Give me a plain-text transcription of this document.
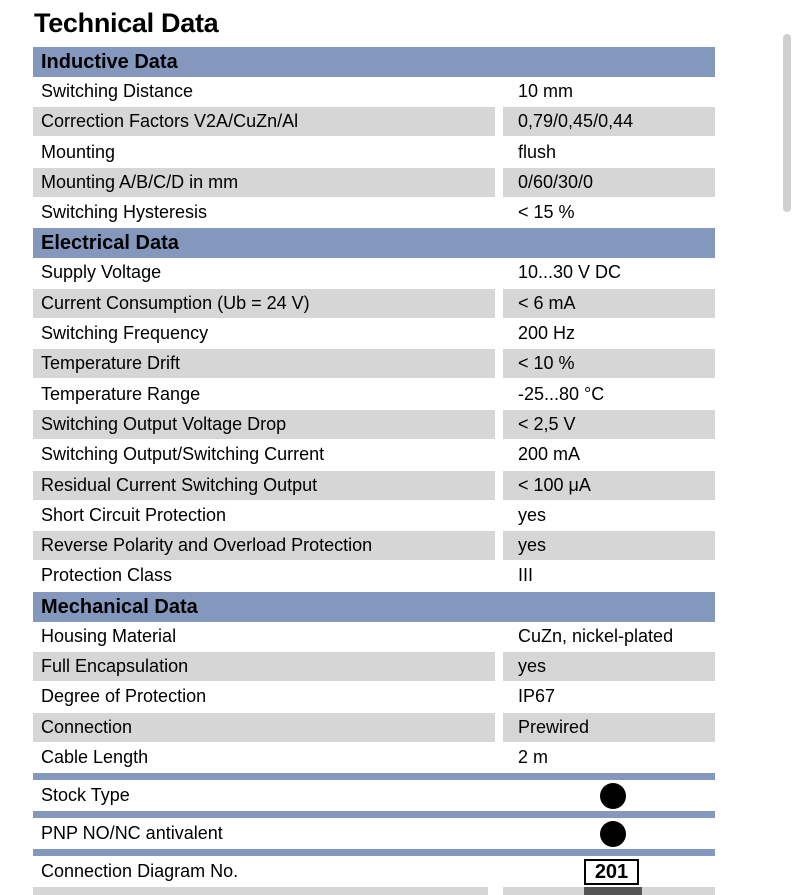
Technical Data
Inductive Data
Switching Distance	10 mm
Correction Factors V2A/CuZn/Al	0,79/0,45/0,44
Mounting	flush
Mounting A/B/C/D in mm	0/60/30/0
Switching Hysteresis	< 15 %
Electrical Data
Supply Voltage	10...30 V DC
Current Consumption (Ub = 24 V)	< 6 mA
Switching Frequency	200 Hz
Temperature Drift	< 10 %
Temperature Range	-25...80 °C
Switching Output Voltage Drop	< 2,5 V
Switching Output/Switching Current	200 mA
Residual Current Switching Output	< 100 μA
Short Circuit Protection	yes
Reverse Polarity and Overload Protection	yes
Protection Class	III
Mechanical Data
Housing Material	CuZn, nickel-plated
Full Encapsulation	yes
Degree of Protection	IP67
Connection	Prewired
Cable Length	2 m
Stock Type
PNP NO/NC antivalent
Connection Diagram No.	201
